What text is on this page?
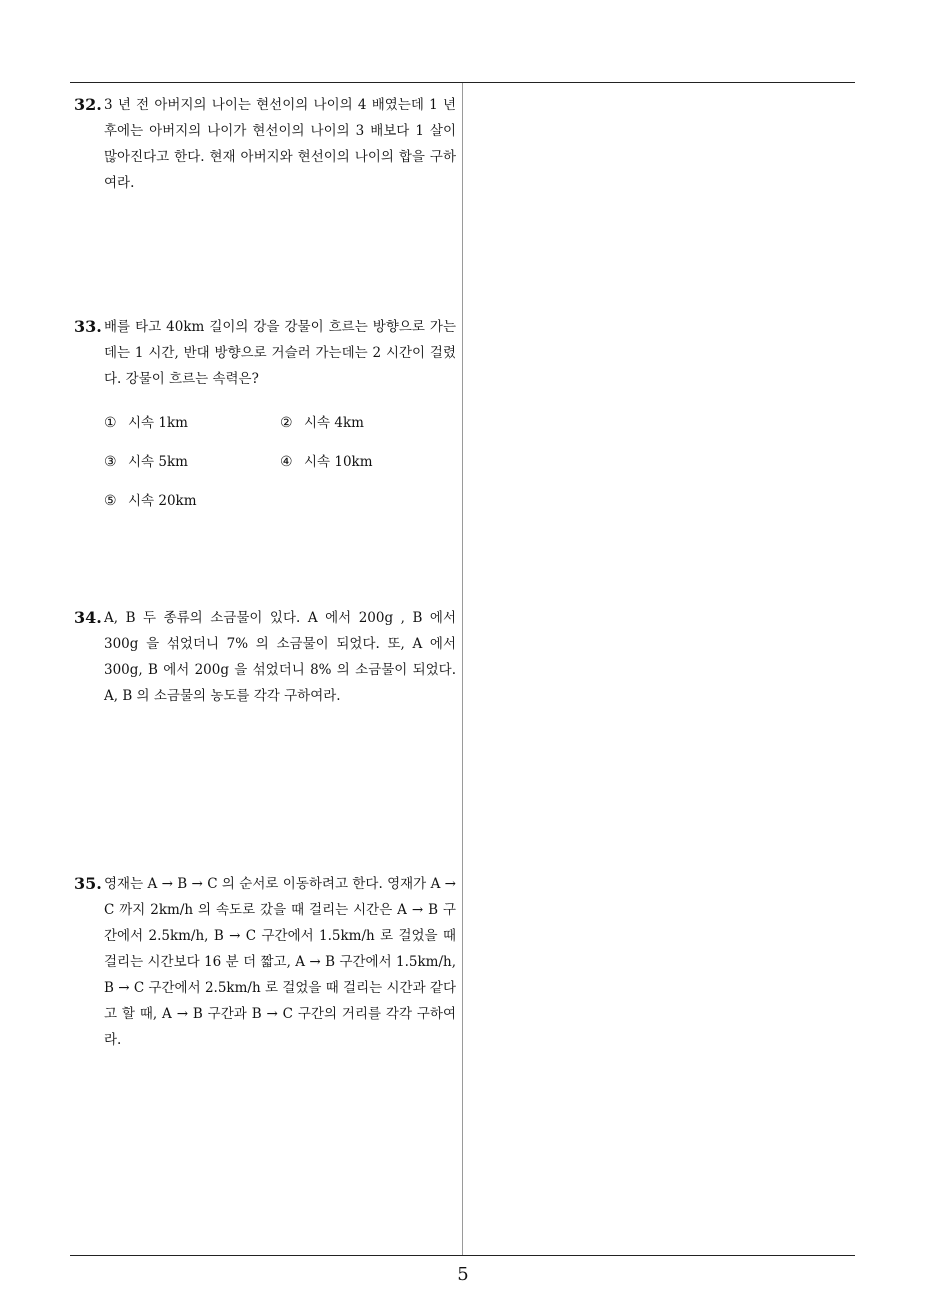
32. 3 년 전 아버지의 나이는 현선이의 나이의 4 배였는데 1 년 후에는 아버지의 나이가 현선이의 나이의 3 배보다 1 살이 많아진다고 한다. 현재 아버지와 현선이의 나이의 합을 구하여라.
33. 배를 타고 40km 길이의 강을 강물이 흐르는 방향으로 가는데는 1 시간, 반대 방향으로 거슬러 가는데는 2 시간이 걸렸다. 강물이 흐르는 속력은?
① 시속 1km	② 시속 4km
③ 시속 5km	④ 시속 10km
⑤ 시속 20km
34. A, B 두 종류의 소금물이 있다. A 에서 200g , B 에서 300g 을 섞었더니 7% 의 소금물이 되었다. 또, A 에서 300g, B 에서 200g 을 섞었더니 8% 의 소금물이 되었다. A, B 의 소금물의 농도를 각각 구하여라.
35. 영재는 A → B → C 의 순서로 이동하려고 한다. 영재가 A → C 까지 2km/h 의 속도로 갔을 때 걸리는 시간은 A → B 구간에서 2.5km/h, B → C 구간에서 1.5km/h 로 걸었을 때 걸리는 시간보다 16 분 더 짧고, A → B 구간에서 1.5km/h, B → C 구간에서 2.5km/h 로 걸었을 때 걸리는 시간과 같다고 할 때, A → B 구간과 B → C 구간의 거리를 각각 구하여라.
5
